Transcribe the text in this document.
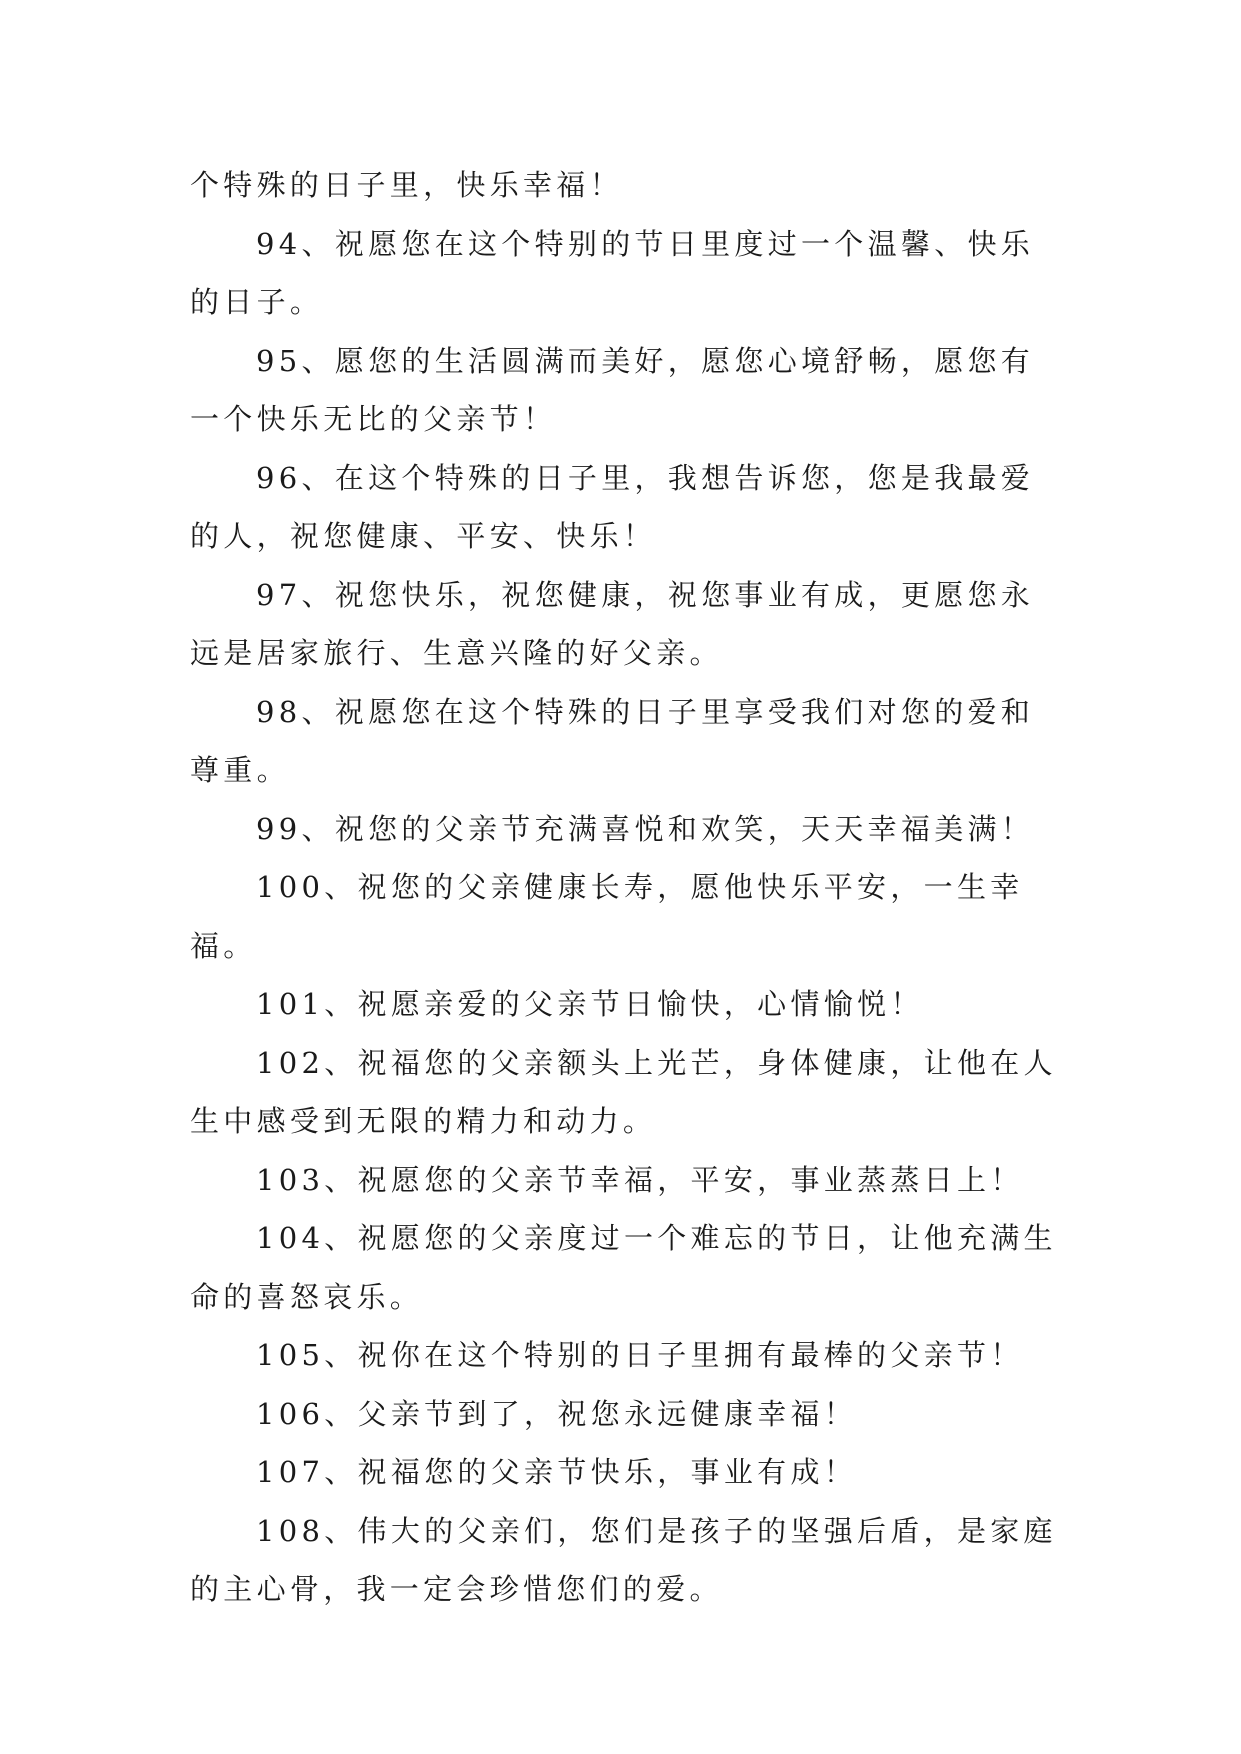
个特殊的日子里，快乐幸福！

94、祝愿您在这个特别的节日里度过一个温馨、快乐的日子。

95、愿您的生活圆满而美好，愿您心境舒畅，愿您有一个快乐无比的父亲节！

96、在这个特殊的日子里，我想告诉您，您是我最爱的人，祝您健康、平安、快乐！

97、祝您快乐，祝您健康，祝您事业有成，更愿您永远是居家旅行、生意兴隆的好父亲。

98、祝愿您在这个特殊的日子里享受我们对您的爱和尊重。

99、祝您的父亲节充满喜悦和欢笑，天天幸福美满！

100、祝您的父亲健康长寿，愿他快乐平安，一生幸福。

101、祝愿亲爱的父亲节日愉快，心情愉悦！

102、祝福您的父亲额头上光芒，身体健康，让他在人生中感受到无限的精力和动力。

103、祝愿您的父亲节幸福，平安，事业蒸蒸日上！

104、祝愿您的父亲度过一个难忘的节日，让他充满生命的喜怒哀乐。

105、祝你在这个特别的日子里拥有最棒的父亲节！

106、父亲节到了，祝您永远健康幸福！

107、祝福您的父亲节快乐，事业有成！

108、伟大的父亲们，您们是孩子的坚强后盾，是家庭的主心骨，我一定会珍惜您们的爱。
